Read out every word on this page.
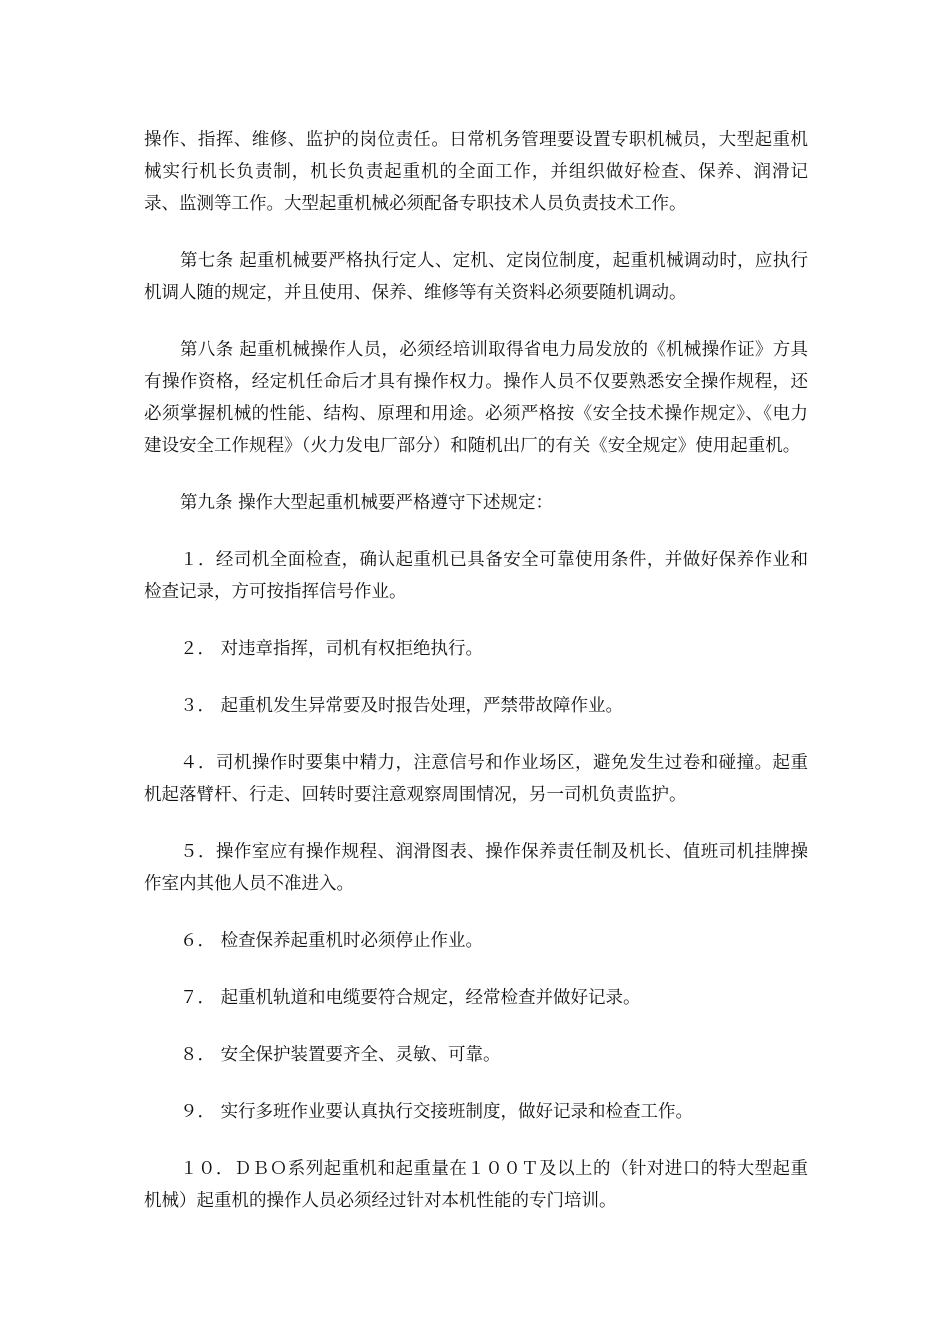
操作、指挥、维修、监护的岗位责任。日常机务管理要设置专职机械员，大型起重机械实行机长负责制，机长负责起重机的全面工作，并组织做好检查、保养、润滑记录、监测等工作。大型起重机械必须配备专职技术人员负责技术工作。

第七条 起重机械要严格执行定人、定机、定岗位制度，起重机械调动时，应执行机调人随的规定，并且使用、保养、维修等有关资料必须要随机调动。

第八条 起重机械操作人员，必须经培训取得省电力局发放的《机械操作证》方具有操作资格，经定机任命后才具有操作权力。操作人员不仅要熟悉安全操作规程，还必须掌握机械的性能、结构、原理和用途。必须严格按《安全技术操作规定》、《电力建设安全工作规程》（火力发电厂部分）和随机出厂的有关《安全规定》使用起重机。

第九条 操作大型起重机械要严格遵守下述规定：

１．经司机全面检查，确认起重机已具备安全可靠使用条件，并做好保养作业和检查记录，方可按指挥信号作业。

２． 对违章指挥，司机有权拒绝执行。

３． 起重机发生异常要及时报告处理，严禁带故障作业。

４．司机操作时要集中精力，注意信号和作业场区，避免发生过卷和碰撞。起重机起落臂杆、行走、回转时要注意观察周围情况，另一司机负责监护。

５．操作室应有操作规程、润滑图表、操作保养责任制及机长、值班司机挂牌操作室内其他人员不准进入。

６． 检查保养起重机时必须停止作业。

７． 起重机轨道和电缆要符合规定，经常检查并做好记录。

８． 安全保护装置要齐全、灵敏、可靠。

９． 实行多班作业要认真执行交接班制度，做好记录和检查工作。

１０．ＤＢＯ系列起重机和起重量在１００Ｔ及以上的（针对进口的特大型起重机械）起重机的操作人员必须经过针对本机性能的专门培训。
